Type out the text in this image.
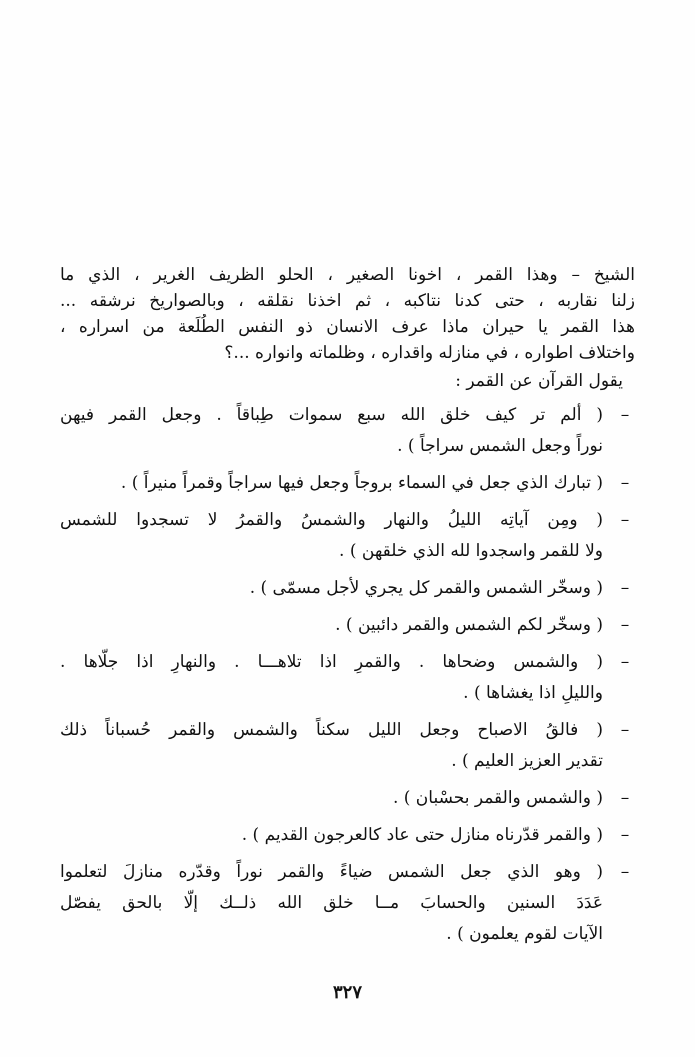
الشيخ – وهذا القمر ، اخونا الصغير ، الحلو الظريف الغرير ، الذي ما
زلنا نقاربه ، حتى كدنا نتاكبه ، ثم اخذنا نقلقه ، وبالصواريخ نرشقه ...
هذا القمر يا حيران ماذا عرف الانسان ذو النفس الطُلَعة من اسراره ،
واختلاف اطواره ، في منازله واقداره ، وظلماته وانواره ...؟
يقول القرآن عن القمر :
–
( ألم تر كيف خلق الله سبع سموات طِباقاً . وجعل القمر فيهن
نوراً وجعل الشمس سراجاً ) .
–
( تبارك الذي جعل في السماء بروجاً وجعل فيها سراجاً وقمراً منيراً ) .
–
( ومِن آياتِه الليلُ والنهار والشمسُ والقمرُ لا تسجدوا للشمس
ولا للقمر واسجدوا لله الذي خلقهن ) .
–
( وسخّر الشمس والقمر كل يجري لأجل مسمّى ) .
–
( وسخّر لكم الشمس والقمر دائبين ) .
–
( والشمس وضحاها . والقمرِ اذا تلاهـــا . والنهارِ اذا جلّاها .
والليلِ اذا يغشاها ) .
–
( فالقُ الاصباح وجعل الليل سكناً والشمس والقمر حُسباناً ذلك
تقدير العزيز العليم ) .
–
( والشمس والقمر بحسْبان ) .
–
( والقمر قدّرناه منازل حتى عاد كالعرجون القديم ) .
–
( وهو الذي جعل الشمس ضياءً والقمر نوراً وقدّره منازلَ لتعلموا
عَدَدَ السنين والحسابَ مــا خلق الله ذلــك إلّا بالحق يفصّل
الآيات لقوم يعلمون ) .
٣٢٧
